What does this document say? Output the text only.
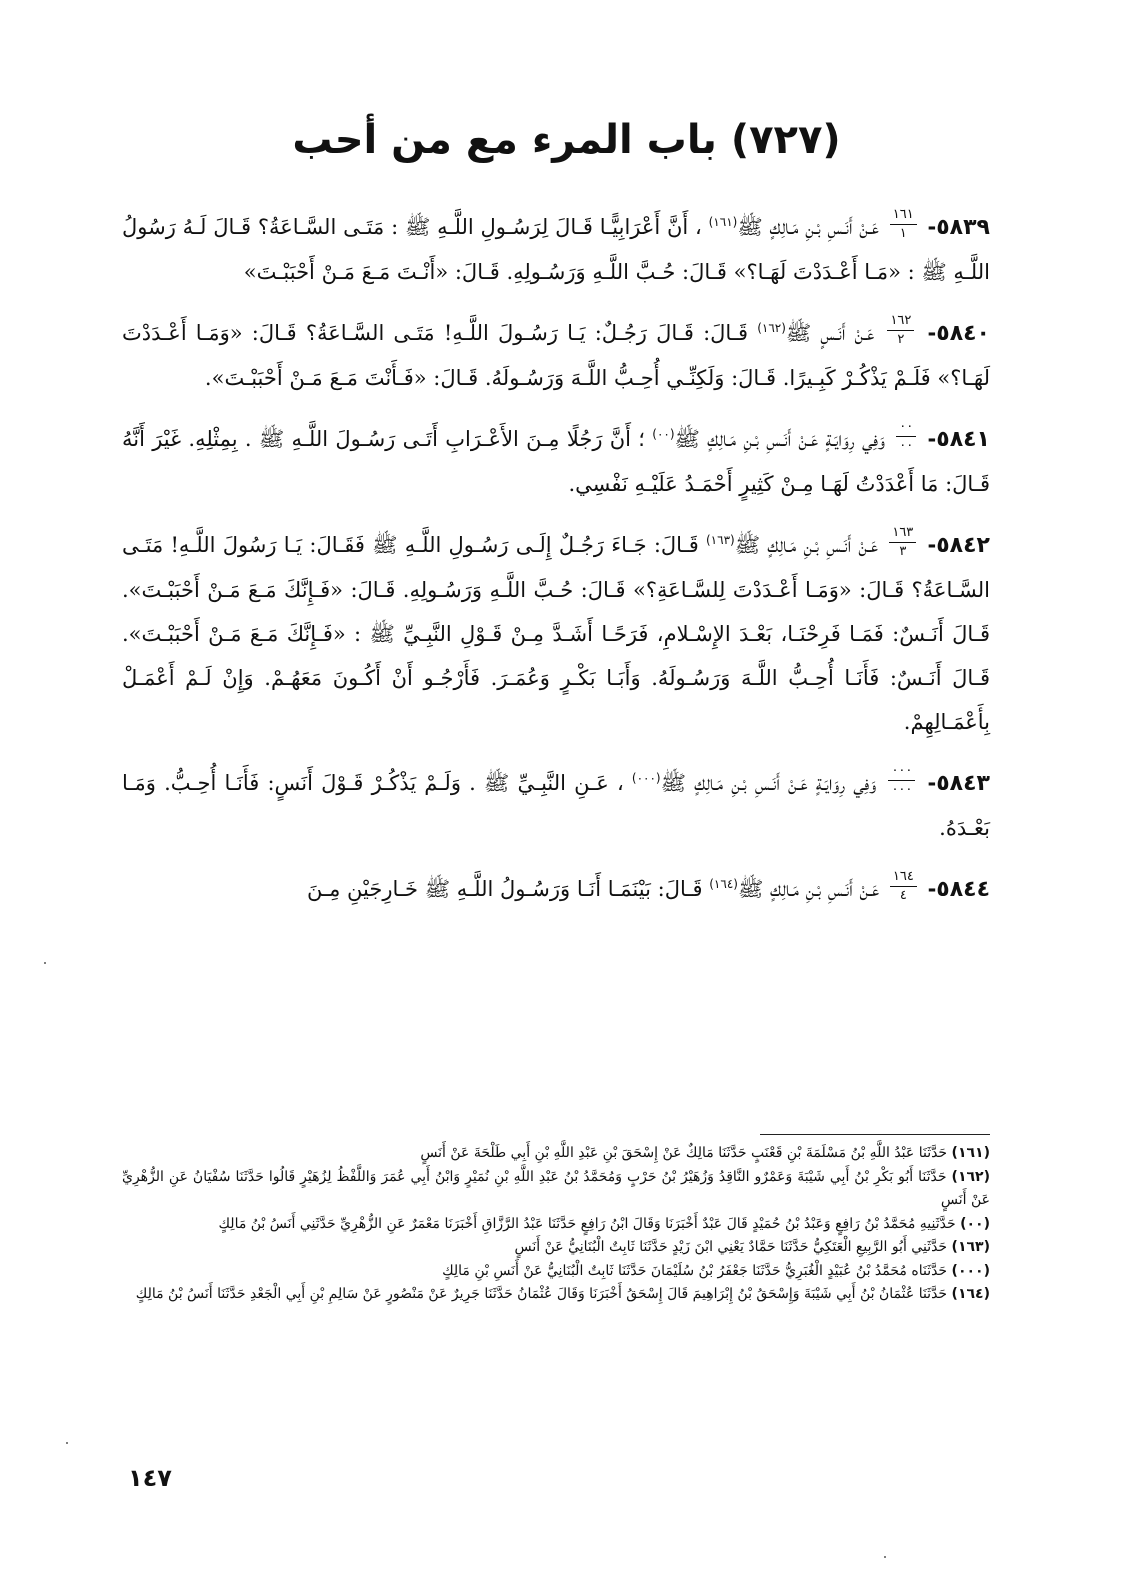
(٧٢٧) باب المرء مع من أحب

٥٨٣٩-
$\frac{١٦١}{١}$
عَـنْ أَنَـسِ بْـنِ مَـالِكٍ ﷺ$^{(١٦١)}$ ، أَنَّ أَعْرَابِيًّـا قَـالَ لِرَسُـولِ اللَّـهِ ﷺ : مَتَـى السَّـاعَةُ؟ قَـالَ لَـهُ رَسُولُ اللَّـهِ ﷺ : «مَـا أَعْـدَدْتَ لَهَـا؟» قَـالَ: حُـبَّ اللَّـهِ وَرَسُـولِهِ. قَـالَ: «أَنْـتَ مَـعَ مَـنْ أَحْبَبْـتَ»

٥٨٤٠-
$\frac{١٦٢}{٢}$
عَـنْ أَنَـسٍ ﷺ$^{(١٦٢)}$ قَـالَ: قَـالَ رَجُـلٌ: يَـا رَسُـولَ اللَّـهِ! مَتَـى السَّـاعَةُ؟ قَـالَ: «وَمَـا أَعْـدَدْتَ لَهَـا؟» فَلَـمْ يَذْكُـرْ كَبِـيرًا. قَـالَ: وَلَكِنِّـي أُحِـبُّ اللَّـهَ وَرَسُـولَهُ. قَـالَ: «فَـأَنْتَ مَـعَ مَـنْ أَحْبَبْـتَ».

٥٨٤١-
$\frac{٠٠}{٠٠}$
وَفِي رِوَايَـةٍ عَـنْ أَنَـسِ بْـنِ مَـالِكٍ ﷺ$^{(٠٠)}$ ؛ أَنَّ رَجُلًا مِـنَ الأَعْـرَابِ أَتَـى رَسُـولَ اللَّـهِ ﷺ . بِمِثْلِهِ. غَيْرَ أَنَّهُ قَـالَ: مَا أَعْدَدْتُ لَهَـا مِـنْ كَثِيرٍ أَحْمَـدُ عَلَيْـهِ نَفْسِي.

٥٨٤٢-
$\frac{١٦٣}{٣}$
عَـنْ أَنَـسِ بْـنِ مَـالِكٍ ﷺ$^{(١٦٣)}$ قَـالَ: جَـاءَ رَجُـلٌ إِلَـى رَسُـولِ اللَّـهِ ﷺ فَقَـالَ: يَـا رَسُولَ اللَّـهِ! مَتَـى السَّـاعَةُ؟ قَـالَ: «وَمَـا أَعْـدَدْتَ لِلسَّـاعَةِ؟» قَـالَ: حُـبَّ اللَّـهِ وَرَسُـولِهِ. قَـالَ: «فَـإِنَّكَ مَـعَ مَـنْ أَحْبَبْـتَ». قَـالَ أَنَـسٌ: فَمَـا فَرِحْنَـا، بَعْـدَ الإِسْـلامِ، فَرَحًـا أَشَـدَّ مِـنْ قَـوْلِ النَّبِـيِّ ﷺ : «فَـإِنَّكَ مَـعَ مَـنْ أَحْبَبْـتَ». قَـالَ أَنَـسٌ: فَأَنَـا أُحِـبُّ اللَّـهَ وَرَسُـولَهُ. وَأَبَـا بَكْـرٍ وَعُمَـرَ. فَأَرْجُـو أَنْ أَكُـونَ مَعَهُـمْ. وَإِنْ لَـمْ أَعْمَـلْ بِأَعْمَـالِهِمْ.

٥٨٤٣-
$\frac{٠٠٠}{٠٠٠}$
وَفِي رِوَايَـةٍ عَـنْ أَنَـسِ بْـنِ مَـالِكٍ ﷺ$^{(٠٠٠)}$ ، عَـنِ النَّبِـيِّ ﷺ . وَلَـمْ يَذْكُـرْ قَـوْلَ أَنَسٍ: فَأَنَـا أُحِـبُّ. وَمَـا بَعْـدَهُ.

٥٨٤٤-
$\frac{١٦٤}{٤}$
عَـنْ أَنَـسِ بْـنِ مَـالِكٍ ﷺ$^{(١٦٤)}$ قَـالَ: بَيْنَمَـا أَنَـا وَرَسُـولُ اللَّـهِ ﷺ خَـارِجَيْنِ مِـنَ

(١٦١) حَدَّثَنَا عَبْدُ اللَّهِ بْنُ مَسْلَمَةَ بْنِ قَعْنَبٍ حَدَّثَنَا مَالِكٌ عَنْ إِسْحَقَ بْنِ عَبْدِ اللَّهِ بْنِ أَبِي طَلْحَةَ عَنْ أَنَسٍ

(١٦٢) حَدَّثَنَا أَبُو بَكْرِ بْنُ أَبِي شَيْبَةَ وَعَمْرٌو النَّاقِدُ وَزُهَيْرُ بْنُ حَرْبٍ وَمُحَمَّدُ بْنُ عَبْدِ اللَّهِ بْنِ نُمَيْرٍ وَابْنُ أَبِي عُمَرَ وَاللَّفْظُ لِزُهَيْرٍ قَالُوا حَدَّثَنَا سُفْيَانُ عَنِ الزُّهْرِيِّ عَنْ أَنَسٍ

(٠٠) حَدَّثَنِيهِ مُحَمَّدُ بْنُ رَافِعٍ وَعَبْدُ بْنُ حُمَيْدٍ قَالَ عَبْدٌ أَخْبَرَنَا وَقَالَ ابْنُ رَافِعٍ حَدَّثَنَا عَبْدُ الرَّزَّاقِ أَخْبَرَنَا مَعْمَرٌ عَنِ الزُّهْرِيِّ حَدَّثَنِي أَنَسُ بْنُ مَالِكٍ

(١٦٣) حَدَّثَنِي أَبُو الرَّبِيعِ الْعَتَكِيُّ حَدَّثَنَا حَمَّادٌ يَعْنِي ابْنَ زَيْدٍ حَدَّثَنَا ثَابِتٌ الْبُنَانِيُّ عَنْ أَنَسٍ

(٠٠٠) حَدَّثَنَاه مُحَمَّدُ بْنُ عُبَيْدٍ الْغُبَرِيُّ حَدَّثَنَا جَعْفَرُ بْنُ سُلَيْمَانَ حَدَّثَنَا ثَابِتٌ الْبُنَانِيُّ عَنْ أَنَسِ بْنِ مَالِكٍ

(١٦٤) حَدَّثَنَا عُثْمَانُ بْنُ أَبِي شَيْبَةَ وَإِسْحَقُ بْنُ إِبْرَاهِيمَ قَالَ إِسْحَقُ أَخْبَرَنَا وَقَالَ عُثْمَانُ حَدَّثَنَا جَرِيرٌ عَنْ مَنْصُورٍ عَنْ سَالِمِ بْنِ أَبِي الْجَعْدِ حَدَّثَنَا أَنَسُ بْنُ مَالِكٍ

١٤٧
